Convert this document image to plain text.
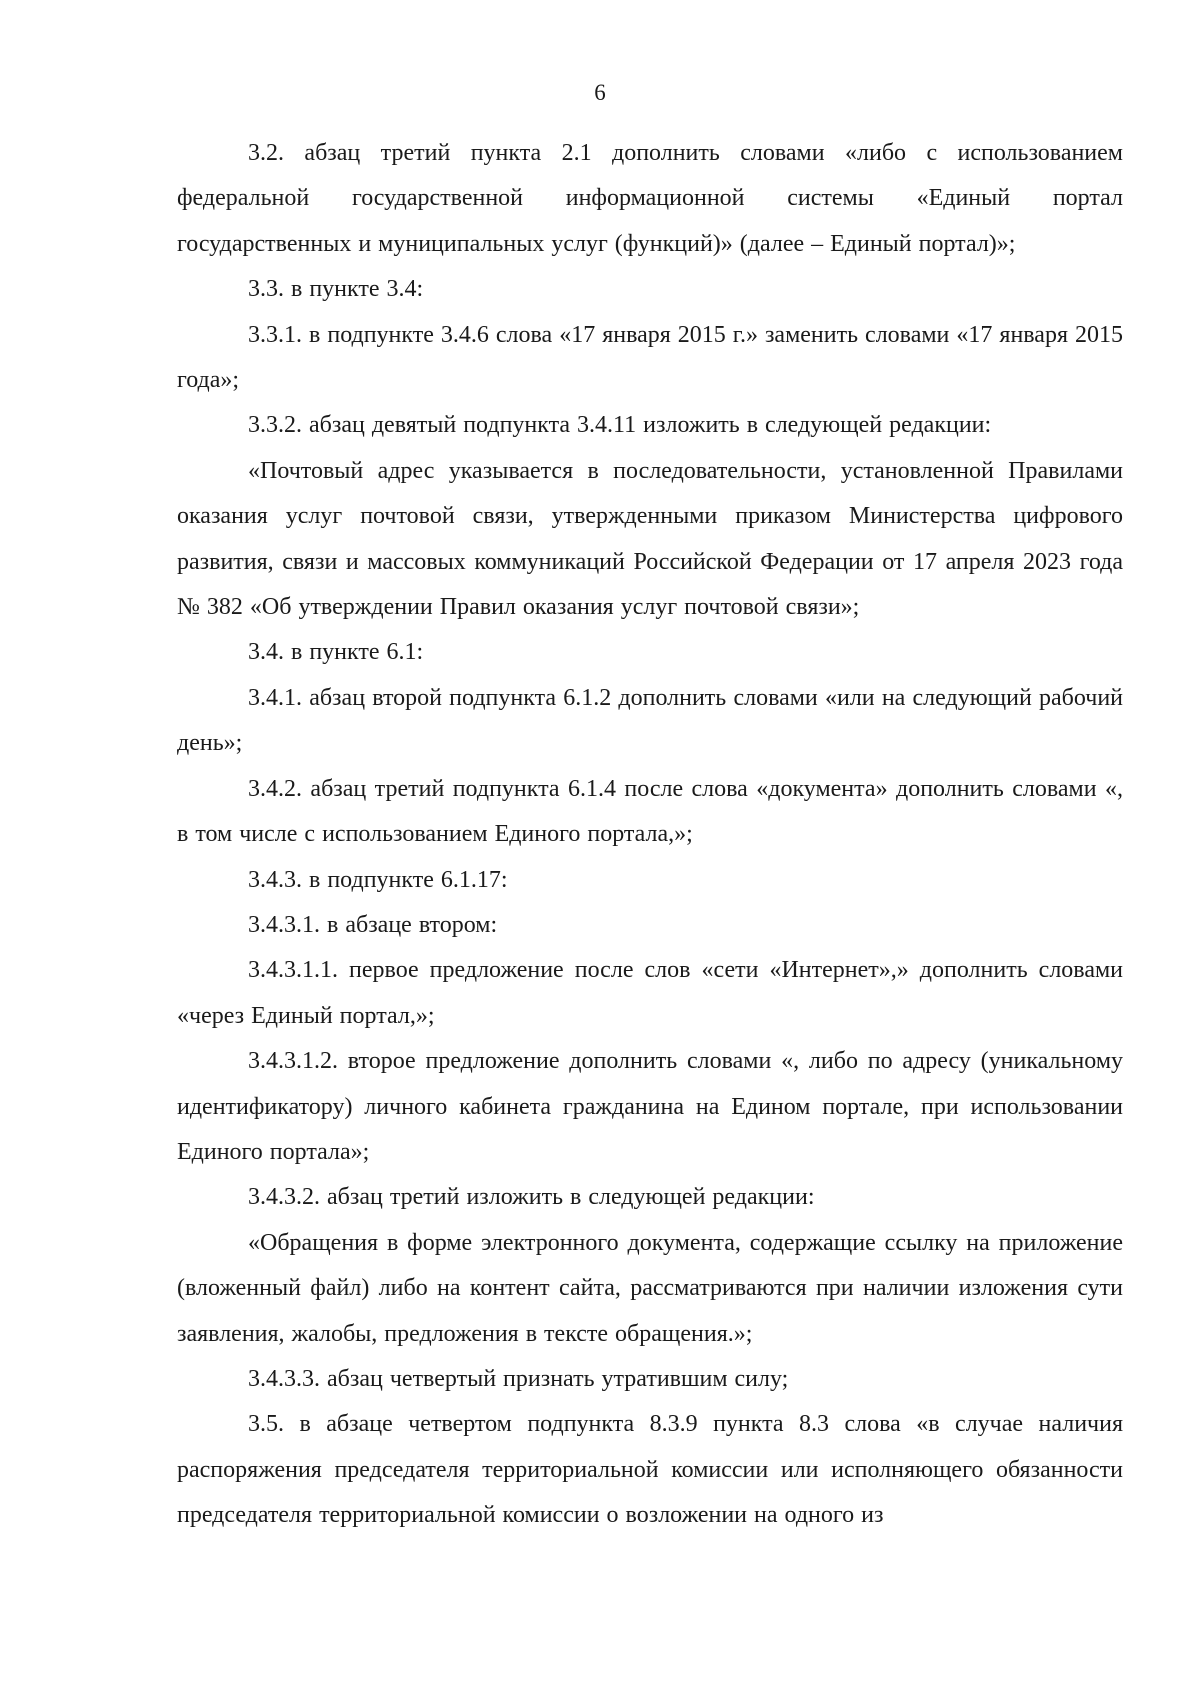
6

3.2. абзац третий пункта 2.1 дополнить словами «либо с использованием федеральной государственной информационной системы «Единый портал государственных и муниципальных услуг (функций)» (далее – Единый портал)»;

3.3. в пункте 3.4:

3.3.1. в подпункте 3.4.6 слова «17 января 2015 г.» заменить словами «17 января 2015 года»;

3.3.2. абзац девятый подпункта 3.4.11 изложить в следующей редакции:

«Почтовый адрес указывается в последовательности, установленной Правилами оказания услуг почтовой связи, утвержденными приказом Министерства цифрового развития, связи и массовых коммуникаций Российской Федерации от 17 апреля 2023 года № 382 «Об утверждении Правил оказания услуг почтовой связи»;

3.4. в пункте 6.1:

3.4.1. абзац второй подпункта 6.1.2 дополнить словами «или на следующий рабочий день»;

3.4.2. абзац третий подпункта 6.1.4 после слова «документа» дополнить словами «, в том числе с использованием Единого портала,»;

3.4.3. в подпункте 6.1.17:

3.4.3.1. в абзаце втором:

3.4.3.1.1. первое предложение после слов «сети «Интернет»,» дополнить словами «через Единый портал,»;

3.4.3.1.2. второе предложение дополнить словами «, либо по адресу (уникальному идентификатору) личного кабинета гражданина на Едином портале, при использовании Единого портала»;

3.4.3.2. абзац третий изложить в следующей редакции:

«Обращения в форме электронного документа, содержащие ссылку на приложение (вложенный файл) либо на контент сайта, рассматриваются при наличии изложения сути заявления, жалобы, предложения в тексте обращения.»;

3.4.3.3. абзац четвертый признать утратившим силу;

3.5. в абзаце четвертом подпункта 8.3.9 пункта 8.3 слова «в случае наличия распоряжения председателя территориальной комиссии или исполняющего обязанности председателя территориальной комиссии о возложении на одного из
